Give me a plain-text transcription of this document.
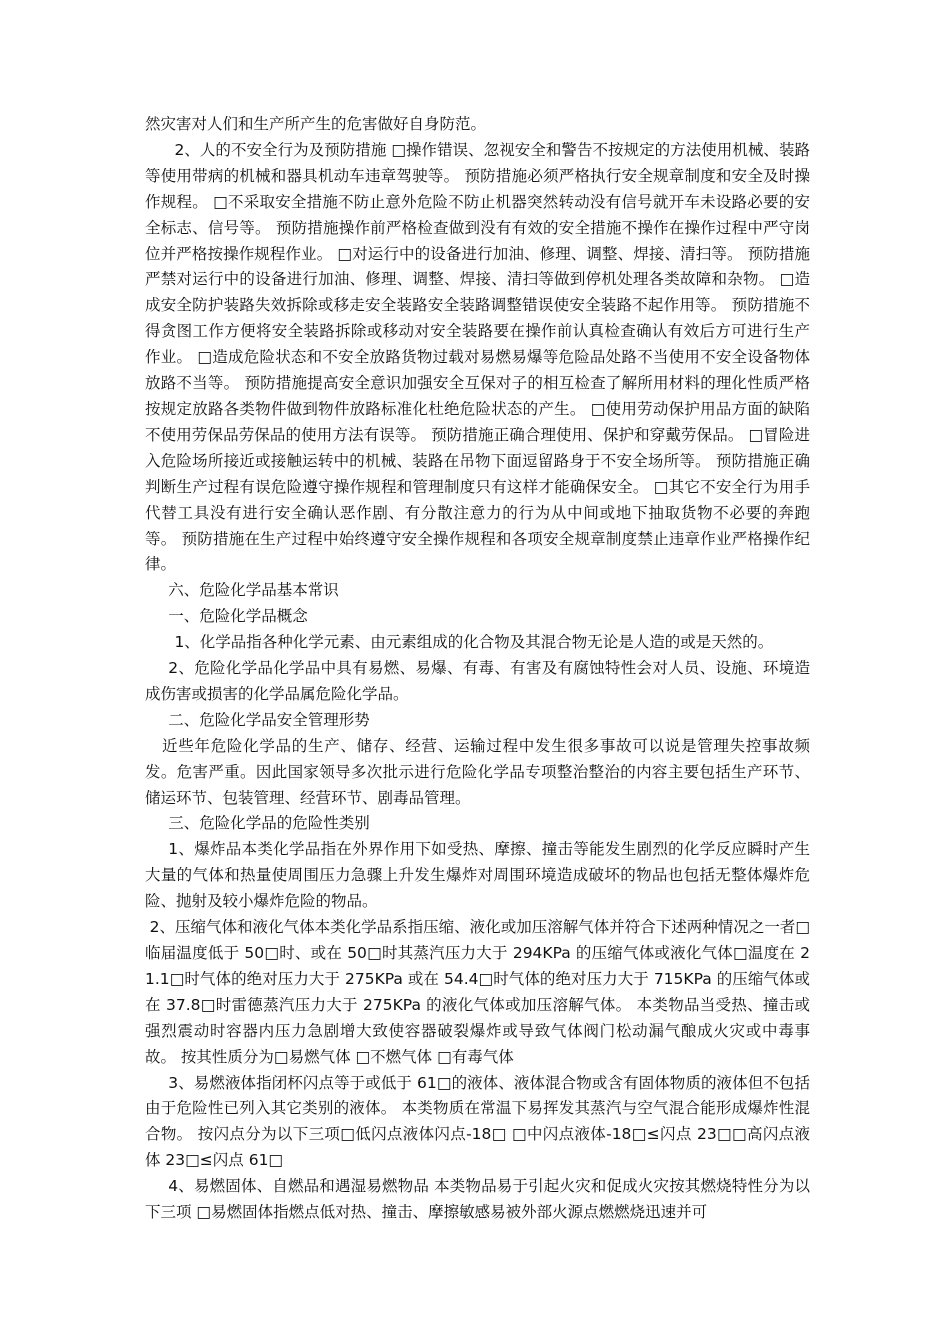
然灾害对人们和生产所产生的危害做好自身防范。

2、人的不安全行为及预防措施 □操作错误、忽视安全和警告不按规定的方法使用机械、装路等使用带病的机械和器具机动车违章驾驶等。 预防措施必须严格执行安全规章制度和安全及时操作规程。 □不采取安全措施不防止意外危险不防止机器突然转动没有信号就开车未设路必要的安全标志、信号等。 预防措施操作前严格检查做到没有有效的安全措施不操作在操作过程中严守岗位并严格按操作规程作业。 □对运行中的设备进行加油、修理、调整、焊接、清扫等。 预防措施严禁对运行中的设备进行加油、修理、调整、焊接、清扫等做到停机处理各类故障和杂物。 □造成安全防护装路失效拆除或移走安全装路安全装路调整错误使安全装路不起作用等。 预防措施不得贪图工作方便将安全装路拆除或移动对安全装路要在操作前认真检查确认有效后方可进行生产作业。 □造成危险状态和不安全放路货物过载对易燃易爆等危险品处路不当使用不安全设备物体放路不当等。 预防措施提高安全意识加强安全互保对子的相互检查了解所用材料的理化性质严格按规定放路各类物件做到物件放路标准化杜绝危险状态的产生。 □使用劳动保护用品方面的缺陷不使用劳保品劳保品的使用方法有误等。 预防措施正确合理使用、保护和穿戴劳保品。 □冒险进入危险场所接近或接触运转中的机械、装路在吊物下面逗留路身于不安全场所等。 预防措施正确判断生产过程有误危险遵守操作规程和管理制度只有这样才能确保安全。 □其它不安全行为用手代替工具没有进行安全确认恶作剧、有分散注意力的行为从中间或地下抽取货物不必要的奔跑等。 预防措施在生产过程中始终遵守安全操作规程和各项安全规章制度禁止违章作业严格操作纪律。

六、危险化学品基本常识

一、危险化学品概念

1、化学品指各种化学元素、由元素组成的化合物及其混合物无论是人造的或是天然的。

2、危险化学品化学品中具有易燃、易爆、有毒、有害及有腐蚀特性会对人员、设施、环境造成伤害或损害的化学品属危险化学品。

二、危险化学品安全管理形势

近些年危险化学品的生产、储存、经营、运输过程中发生很多事故可以说是管理失控事故频发。危害严重。因此国家领导多次批示进行危险化学品专项整治整治的内容主要包括生产环节、储运环节、包装管理、经营环节、剧毒品管理。

三、危险化学品的危险性类别

1、爆炸品本类化学品指在外界作用下如受热、摩擦、撞击等能发生剧烈的化学反应瞬时产生大量的气体和热量使周围压力急骤上升发生爆炸对周围环境造成破坏的物品也包括无整体爆炸危险、抛射及较小爆炸危险的物品。

2、压缩气体和液化气体本类化学品系指压缩、液化或加压溶解气体并符合下述两种情况之一者□临届温度低于 50□时、或在 50□时其蒸汽压力大于 294KPa 的压缩气体或液化气体□温度在 21.1□时气体的绝对压力大于 275KPa 或在 54.4□时气体的绝对压力大于 715KPa 的压缩气体或在 37.8□时雷德蒸汽压力大于 275KPa 的液化气体或加压溶解气体。 本类物品当受热、撞击或强烈震动时容器内压力急剧增大致使容器破裂爆炸或导致气体阀门松动漏气酿成火灾或中毒事故。 按其性质分为□易燃气体 □不燃气体 □有毒气体

3、易燃液体指闭杯闪点等于或低于 61□的液体、液体混合物或含有固体物质的液体但不包括由于危险性已列入其它类别的液体。 本类物质在常温下易挥发其蒸汽与空气混合能形成爆炸性混合物。 按闪点分为以下三项□低闪点液体闪点-18□ □中闪点液体-18□≤闪点 23□□高闪点液体 23□≤闪点 61□

4、易燃固体、自燃品和遇湿易燃物品 本类物品易于引起火灾和促成火灾按其燃烧特性分为以下三项 □易燃固体指燃点低对热、撞击、摩擦敏感易被外部火源点燃燃烧迅速并可
